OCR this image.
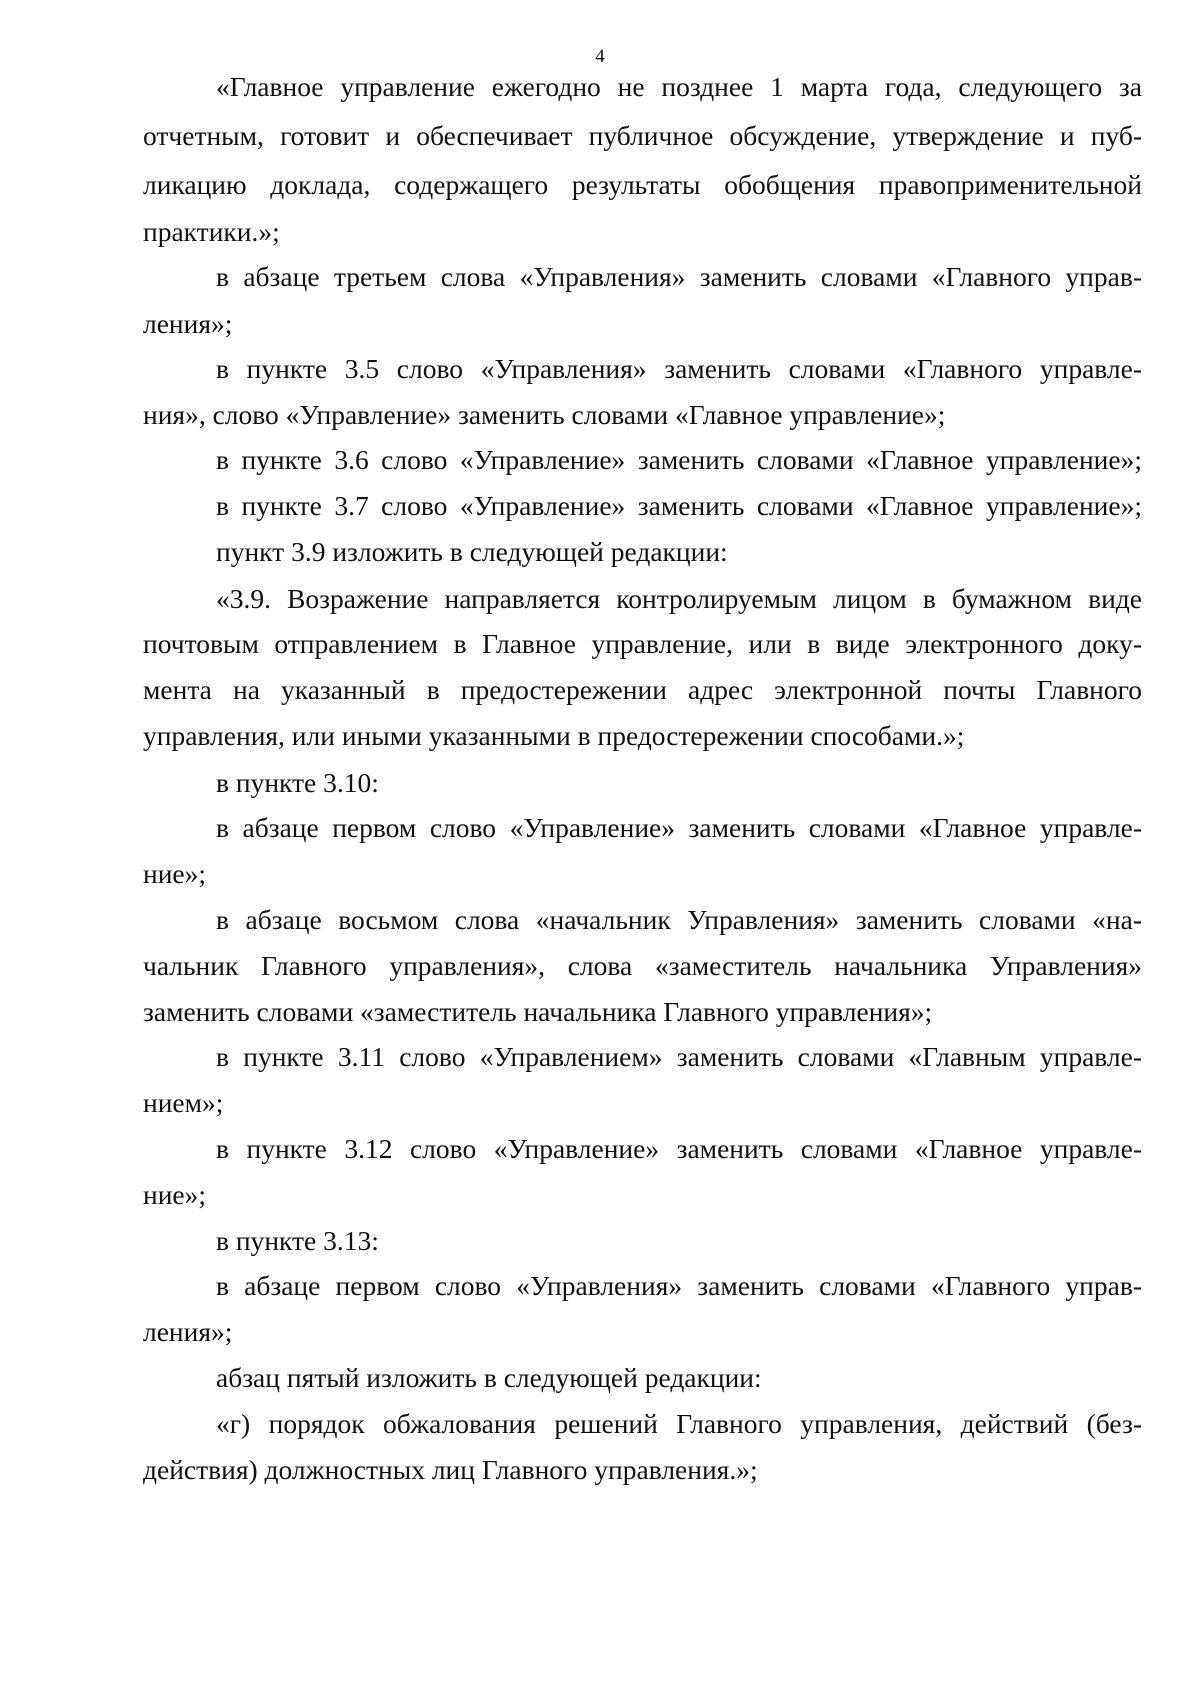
4
«Главное управление ежегодно не позднее 1 марта года, следующего за
отчетным, готовит и обеспечивает публичное обсуждение, утверждение и пуб-
ликацию доклада, содержащего результаты обобщения правоприменительной
практики.»;
в абзаце третьем слова «Управления» заменить словами «Главного управ-
ления»;
в пункте 3.5 слово «Управления» заменить словами «Главного управле-
ния», слово «Управление» заменить словами «Главное управление»;
в пункте 3.6 слово «Управление» заменить словами «Главное управление»;
в пункте 3.7 слово «Управление» заменить словами «Главное управление»;
пункт 3.9 изложить в следующей редакции:
«3.9. Возражение направляется контролируемым лицом в бумажном виде
почтовым отправлением в Главное управление, или в виде электронного доку-
мента на указанный в предостережении адрес электронной почты Главного
управления, или иными указанными в предостережении способами.»;
в пункте 3.10:
в абзаце первом слово «Управление» заменить словами «Главное управле-
ние»;
в абзаце восьмом слова «начальник Управления» заменить словами «на-
чальник Главного управления», слова «заместитель начальника Управления»
заменить словами «заместитель начальника Главного управления»;
в пункте 3.11 слово «Управлением» заменить словами «Главным управле-
нием»;
в пункте 3.12 слово «Управление» заменить словами «Главное управле-
ние»;
в пункте 3.13:
в абзаце первом слово «Управления» заменить словами «Главного управ-
ления»;
абзац пятый изложить в следующей редакции:
«г) порядок обжалования решений Главного управления, действий (без-
действия) должностных лиц Главного управления.»;
